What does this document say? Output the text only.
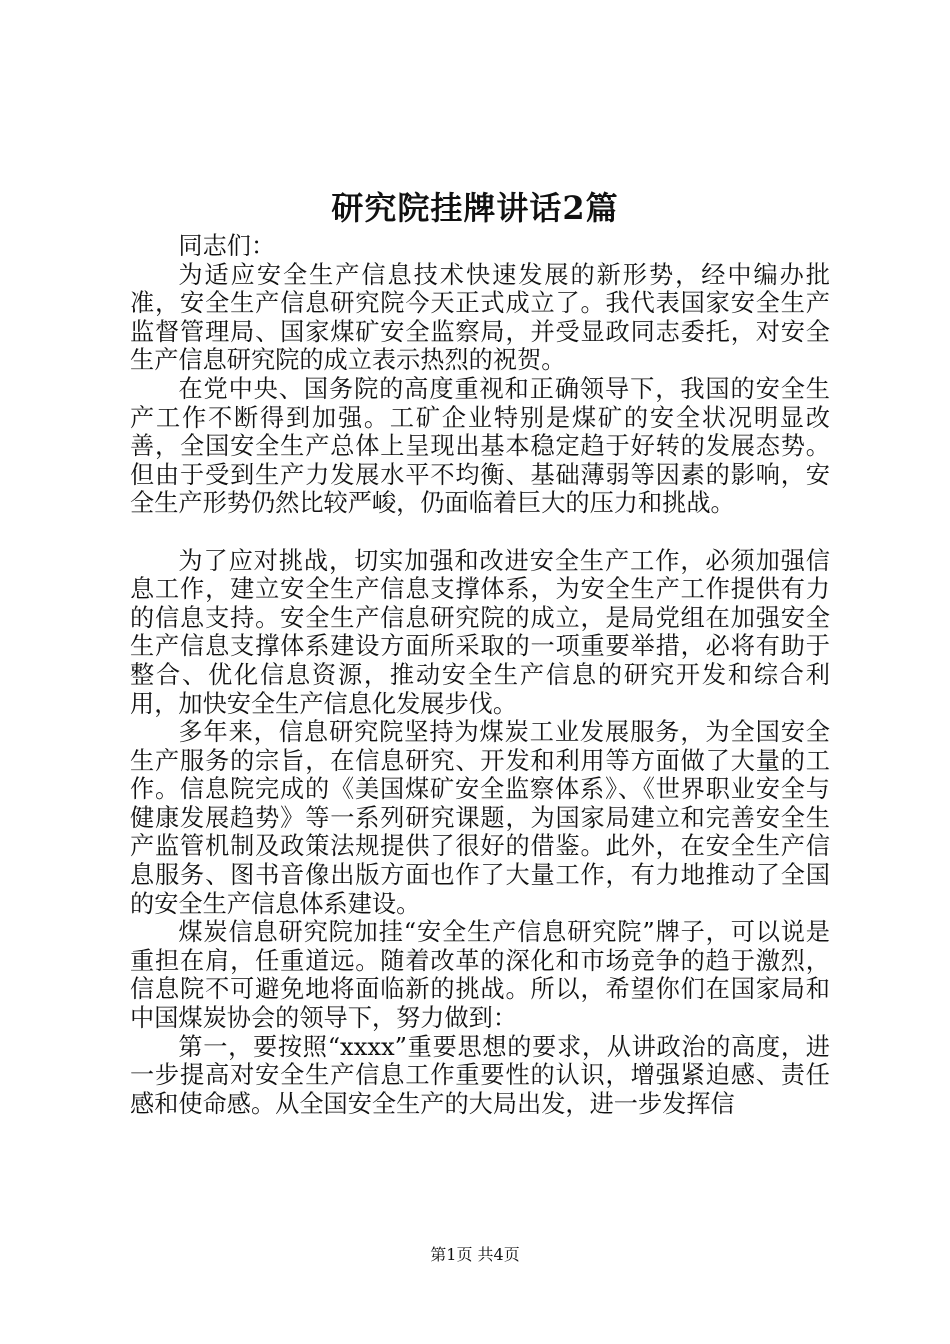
研究院挂牌讲话2篇

同志们：

为适应安全生产信息技术快速发展的新形势，经中编办批准，安全生产信息研究院今天正式成立了。我代表国家安全生产监督管理局、国家煤矿安全监察局，并受显政同志委托，对安全生产信息研究院的成立表示热烈的祝贺。

在党中央、国务院的高度重视和正确领导下，我国的安全生产工作不断得到加强。工矿企业特别是煤矿的安全状况明显改善，全国安全生产总体上呈现出基本稳定趋于好转的发展态势。但由于受到生产力发展水平不均衡、基础薄弱等因素的影响，安全生产形势仍然比较严峻，仍面临着巨大的压力和挑战。

为了应对挑战，切实加强和改进安全生产工作，必须加强信息工作，建立安全生产信息支撑体系，为安全生产工作提供有力的信息支持。安全生产信息研究院的成立，是局党组在加强安全生产信息支撑体系建设方面所采取的一项重要举措，必将有助于整合、优化信息资源，推动安全生产信息的研究开发和综合利用，加快安全生产信息化发展步伐。

多年来，信息研究院坚持为煤炭工业发展服务，为全国安全生产服务的宗旨，在信息研究、开发和利用等方面做了大量的工作。信息院完成的《美国煤矿安全监察体系》、《世界职业安全与健康发展趋势》等一系列研究课题，为国家局建立和完善安全生产监管机制及政策法规提供了很好的借鉴。此外，在安全生产信息服务、图书音像出版方面也作了大量工作，有力地推动了全国的安全生产信息体系建设。

煤炭信息研究院加挂“安全生产信息研究院”牌子，可以说是重担在肩，任重道远。随着改革的深化和市场竞争的趋于激烈，信息院不可避免地将面临新的挑战。所以，希望你们在国家局和中国煤炭协会的领导下，努力做到：

第一，要按照“xxxx”重要思想的要求，从讲政治的高度，进一步提高对安全生产信息工作重要性的认识，增强紧迫感、责任感和使命感。从全国安全生产的大局出发，进一步发挥信

第1页 共4页
